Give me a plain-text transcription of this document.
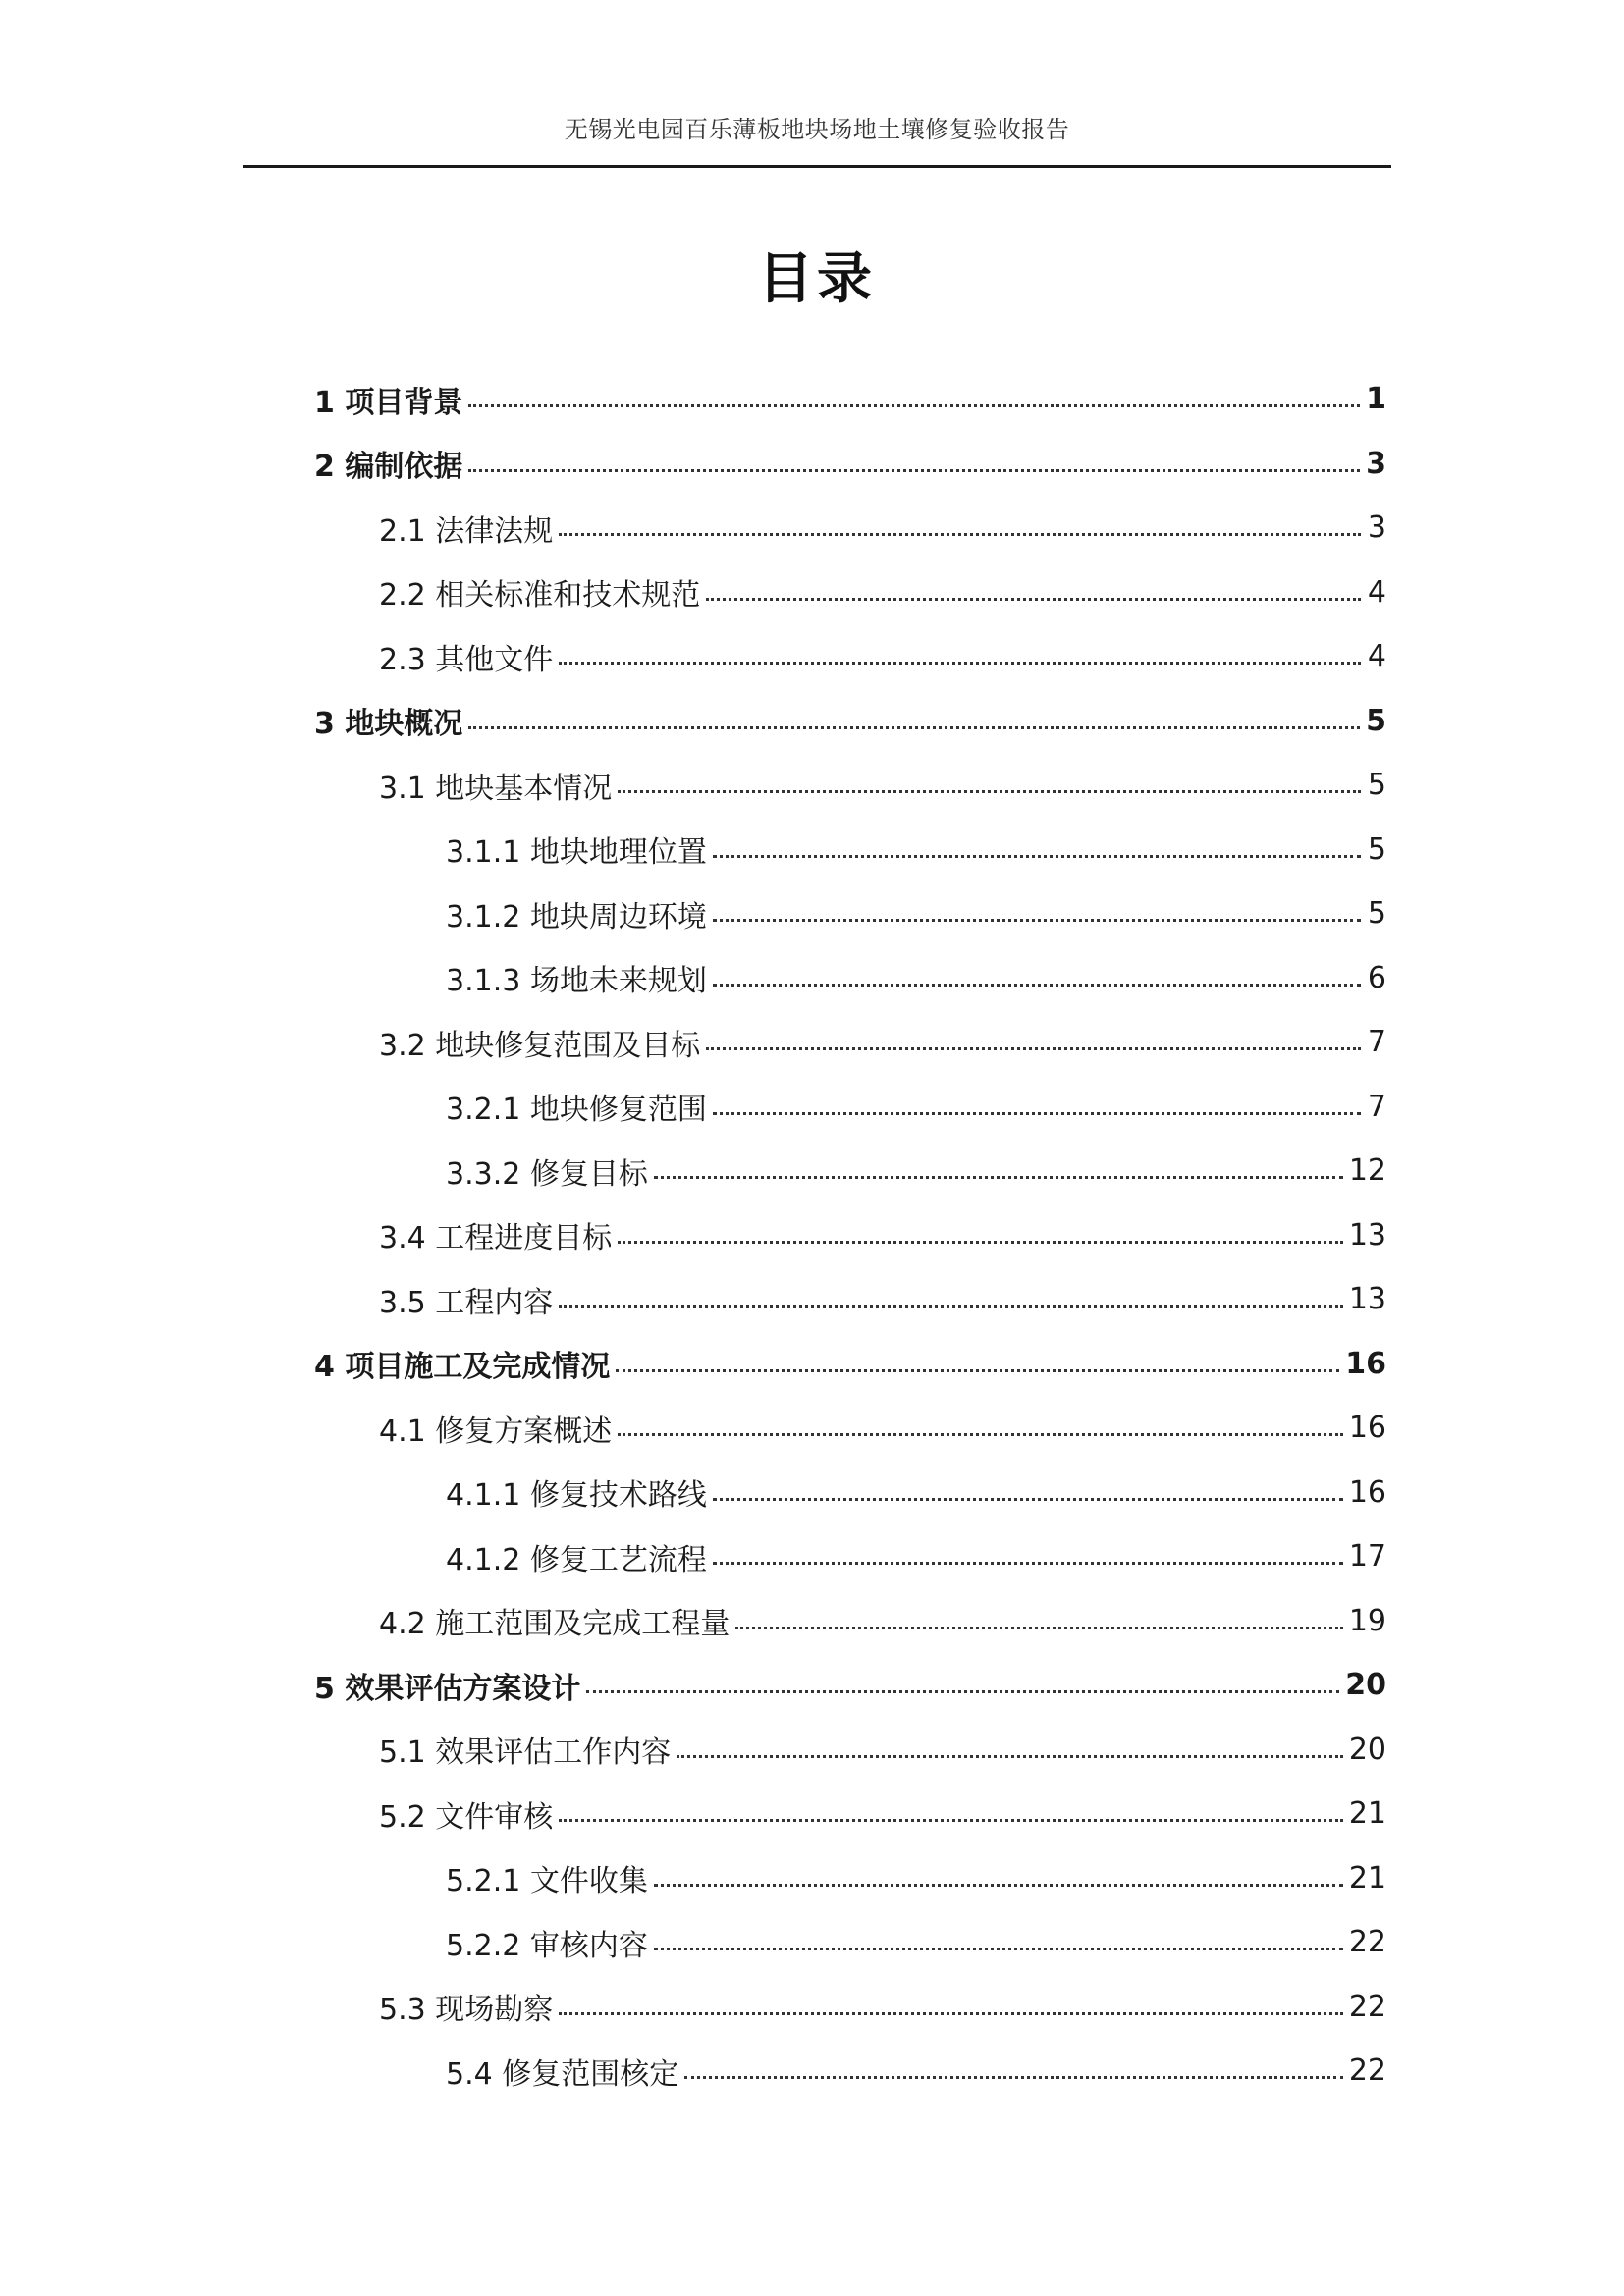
无锡光电园百乐薄板地块场地土壤修复验收报告
目录
1 项目背景	1
2 编制依据	3
2.1 法律法规	3
2.2 相关标准和技术规范	4
2.3 其他文件	4
3 地块概况	5
3.1 地块基本情况	5
3.1.1 地块地理位置	5
3.1.2 地块周边环境	5
3.1.3 场地未来规划	6
3.2 地块修复范围及目标	7
3.2.1 地块修复范围	7
3.3.2 修复目标	12
3.4 工程进度目标	13
3.5 工程内容	13
4 项目施工及完成情况	16
4.1 修复方案概述	16
4.1.1 修复技术路线	16
4.1.2 修复工艺流程	17
4.2 施工范围及完成工程量	19
5 效果评估方案设计	20
5.1 效果评估工作内容	20
5.2 文件审核	21
5.2.1 文件收集	21
5.2.2 审核内容	22
5.3 现场勘察	22
5.4 修复范围核定	22
